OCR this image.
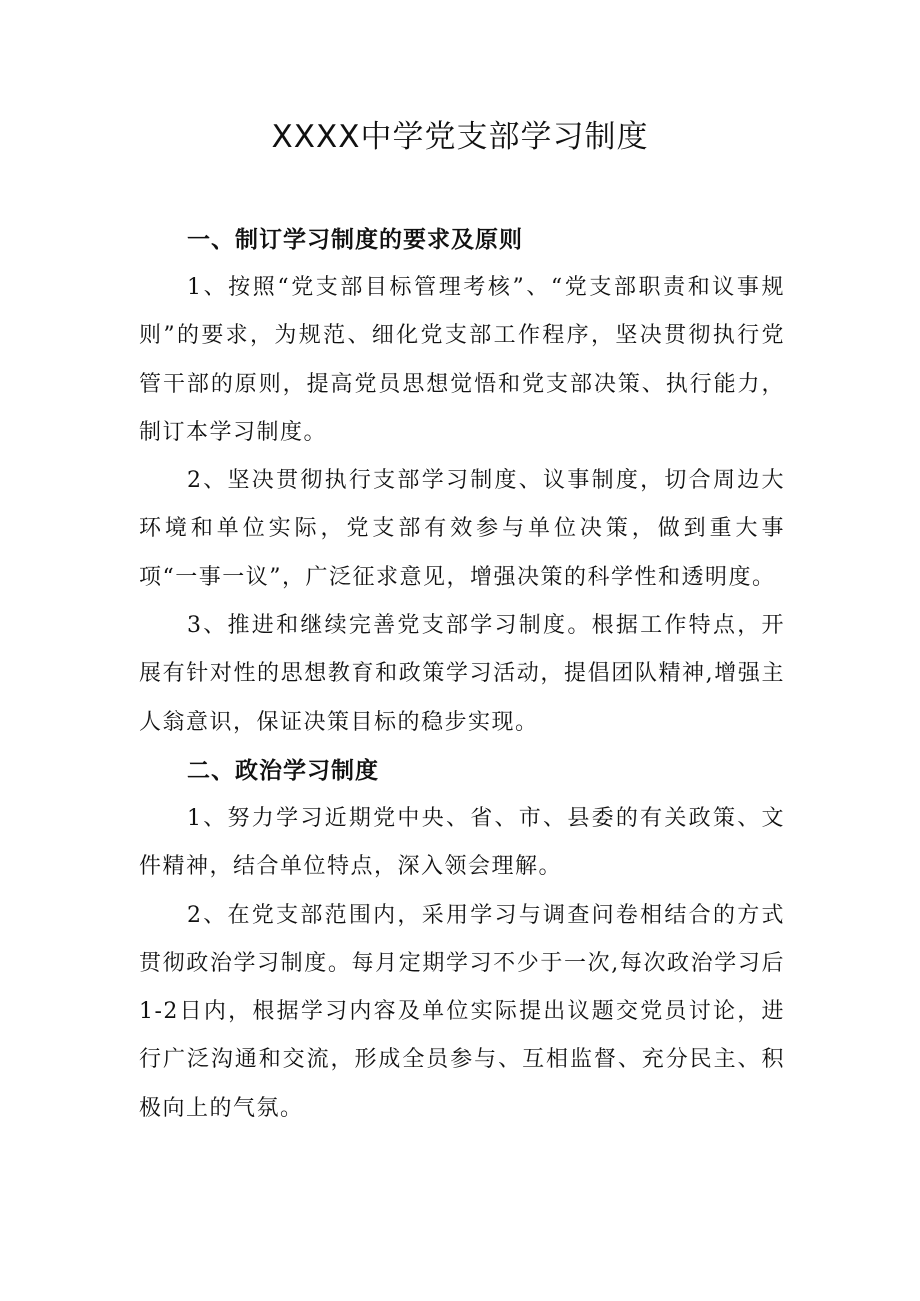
XXXX中学党支部学习制度
一、制订学习制度的要求及原则

1、按照“党支部目标管理考核”、“党支部职责和议事规则”的要求，为规范、细化党支部工作程序，坚决贯彻执行党管干部的原则，提高党员思想觉悟和党支部决策、执行能力，制订本学习制度。

2、坚决贯彻执行支部学习制度、议事制度，切合周边大环境和单位实际，党支部有效参与单位决策，做到重大事项“一事一议”，广泛征求意见，增强决策的科学性和透明度。

3、推进和继续完善党支部学习制度。根据工作特点，开展有针对性的思想教育和政策学习活动，提倡团队精神,增强主人翁意识，保证决策目标的稳步实现。

二、政治学习制度

1、努力学习近期党中央、省、市、县委的有关政策、文件精神，结合单位特点，深入领会理解。

2、在党支部范围内，采用学习与调查问卷相结合的方式贯彻政治学习制度。每月定期学习不少于一次,每次政治学习后1-2日内，根据学习内容及单位实际提出议题交党员讨论，进行广泛沟通和交流，形成全员参与、互相监督、充分民主、积极向上的气氛。
